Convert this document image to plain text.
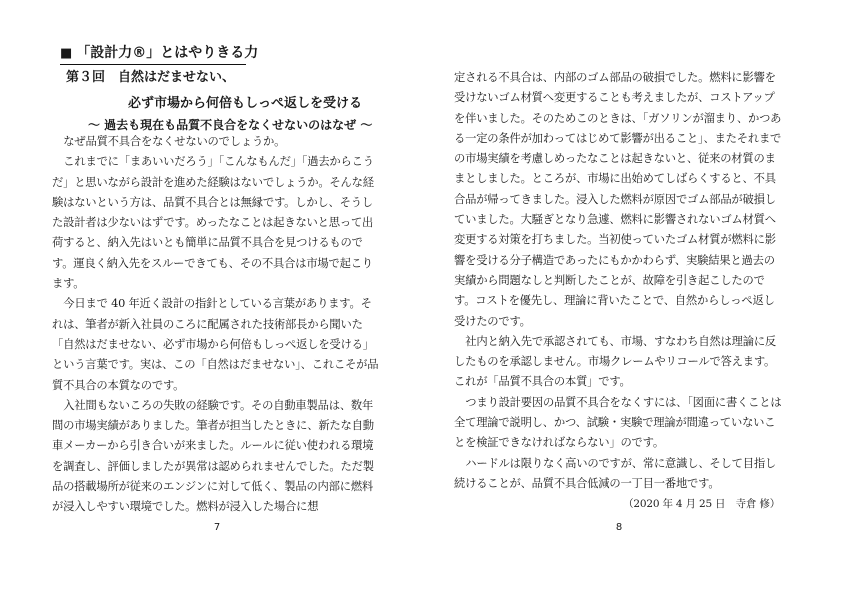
■ 「設計力®」とはやりきる力
第３回　自然はだませない、
必ず市場から何倍もしっぺ返しを受ける
～ 過去も現在も品質不良合をなくせないのはなぜ ～

なぜ品質不具合をなくせないのでしょうか。

これまでに「まあいいだろう」「こんなもんだ」「過去からこうだ」と思いながら設計を進めた経験はないでしょうか。そんな経験はないという方は、品質不具合とは無縁です。しかし、そうした設計者は少ないはずです。めったなことは起きないと思って出荷すると、納入先はいとも簡単に品質不具合を見つけるものです。運良く納入先をスルーできても、その不具合は市場で起こります。

今日まで 40 年近く設計の指針としている言葉があります。それは、筆者が新入社員のころに配属された技術部長から聞いた「自然はだませない、必ず市場から何倍もしっぺ返しを受ける」という言葉です。実は、この「自然はだませない」、これこそが品質不具合の本質なのです。

入社間もないころの失敗の経験です。その自動車製品は、数年間の市場実績がありました。筆者が担当したときに、新たな自動車メーカーから引き合いが来ました。ルールに従い使われる環境を調査し、評価しましたが異常は認められませんでした。ただ製品の搭載場所が従来のエンジンに対して低く、製品の内部に燃料が浸入しやすい環境でした。燃料が浸入した場合に想

7

定される不具合は、内部のゴム部品の破損でした。燃料に影響を受けないゴム材質へ変更することも考えましたが、コストアップを伴いました。そのためこのときは、「ガソリンが溜まり、かつある一定の条件が加わってはじめて影響が出ること」、またそれまでの市場実績を考慮しめったなことは起きないと、従来の材質のままとしました。ところが、市場に出始めてしばらくすると、不具合品が帰ってきました。浸入した燃料が原因でゴム部品が破損していました。大騒ぎとなり急遽、燃料に影響されないゴム材質へ変更する対策を打ちました。当初使っていたゴム材質が燃料に影響を受ける分子構造であったにもかかわらず、実験結果と過去の実績から問題なしと判断したことが、故障を引き起こしたのです。コストを優先し、理論に背いたことで、自然からしっぺ返し受けたのです。

社内と納入先で承認されても、市場、すなわち自然は理論に反したものを承認しません。市場クレームやリコールで答えます。これが「品質不具合の本質」です。

つまり設計要因の品質不具合をなくすには、「図面に書くことは全て理論で説明し、かつ、試験・実験で理論が間違っていないことを検証できなければならない」のです。

ハードルは限りなく高いのですが、常に意識し、そして目指し続けることが、品質不具合低減の一丁目一番地です。

（2020 年 4 月 25 日　寺倉 修）
8
